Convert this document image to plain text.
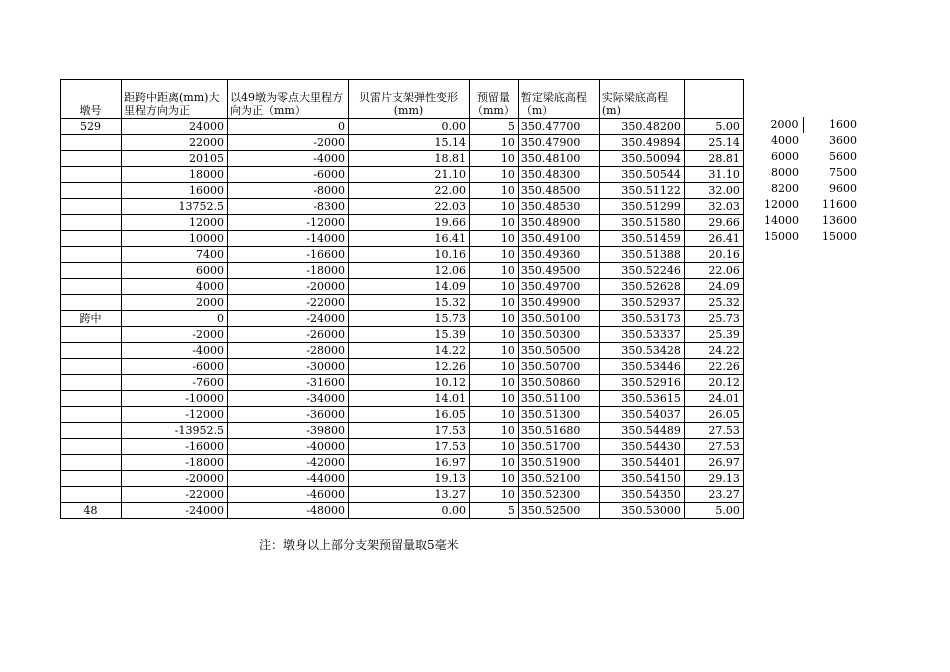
墩号	距跨中距离(mm)大里程方向为正	以49墩为零点大里程方向为正（mm）	贝雷片支架弹性变形(mm)	预留量（mm）	暂定梁底高程（m）	实际梁底高程(m)	
529	24000	0	0.00	5	350.47700	350.48200	5.00
	22000	-2000	15.14	10	350.47900	350.49894	25.14
	20105	-4000	18.81	10	350.48100	350.50094	28.81
	18000	-6000	21.10	10	350.48300	350.50544	31.10
	16000	-8000	22.00	10	350.48500	350.51122	32.00
	13752.5	-8300	22.03	10	350.48530	350.51299	32.03
	12000	-12000	19.66	10	350.48900	350.51580	29.66
	10000	-14000	16.41	10	350.49100	350.51459	26.41
	7400	-16600	10.16	10	350.49360	350.51388	20.16
	6000	-18000	12.06	10	350.49500	350.52246	22.06
	4000	-20000	14.09	10	350.49700	350.52628	24.09
	2000	-22000	15.32	10	350.49900	350.52937	25.32
跨中	0	-24000	15.73	10	350.50100	350.53173	25.73
	-2000	-26000	15.39	10	350.50300	350.53337	25.39
	-4000	-28000	14.22	10	350.50500	350.53428	24.22
	-6000	-30000	12.26	10	350.50700	350.53446	22.26
	-7600	-31600	10.12	10	350.50860	350.52916	20.12
	-10000	-34000	14.01	10	350.51100	350.53615	24.01
	-12000	-36000	16.05	10	350.51300	350.54037	26.05
	-13952.5	-39800	17.53	10	350.51680	350.54489	27.53
	-16000	-40000	17.53	10	350.51700	350.54430	27.53
	-18000	-42000	16.97	10	350.51900	350.54401	26.97
	-20000	-44000	19.13	10	350.52100	350.54150	29.13
	-22000	-46000	13.27	10	350.52300	350.54350	23.27
48	-24000	-48000	0.00	5	350.52500	350.53000	5.00
2000	1600
4000	3600
6000	5600
8000	7500
8200	9600
12000	11600
14000	13600
15000	15000
注：墩身以上部分支架预留量取5毫米
